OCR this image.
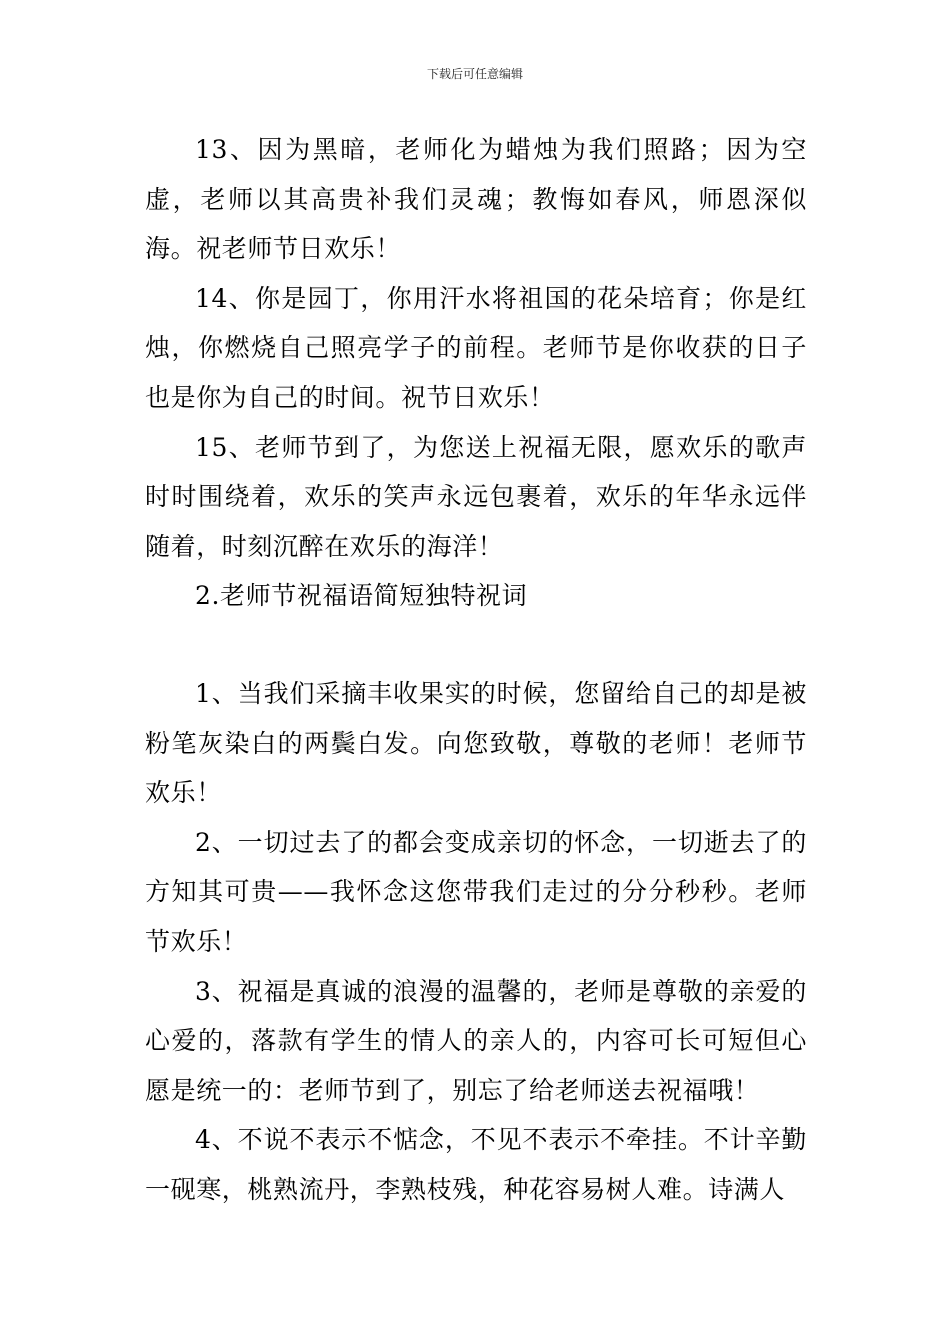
下载后可任意编辑

13、因为黑暗，老师化为蜡烛为我们照路；因为空虚，老师以其高贵补我们灵魂；教悔如春风，师恩深似海。祝老师节日欢乐！

14、你是园丁，你用汗水将祖国的花朵培育；你是红烛，你燃烧自己照亮学子的前程。老师节是你收获的日子也是你为自己的时间。祝节日欢乐！

15、老师节到了，为您送上祝福无限，愿欢乐的歌声时时围绕着，欢乐的笑声永远包裹着，欢乐的年华永远伴随着，时刻沉醉在欢乐的海洋！

2.老师节祝福语简短独特祝词

1、当我们采摘丰收果实的时候，您留给自己的却是被粉笔灰染白的两鬓白发。向您致敬，尊敬的老师！老师节欢乐！

2、一切过去了的都会变成亲切的怀念，一切逝去了的方知其可贵——我怀念这您带我们走过的分分秒秒。老师节欢乐！

3、祝福是真诚的浪漫的温馨的，老师是尊敬的亲爱的心爱的，落款有学生的情人的亲人的，内容可长可短但心愿是统一的：老师节到了，别忘了给老师送去祝福哦！

4、不说不表示不惦念，不见不表示不牵挂。不计辛勤一砚寒，桃熟流丹，李熟枝残，种花容易树人难。诗满人
